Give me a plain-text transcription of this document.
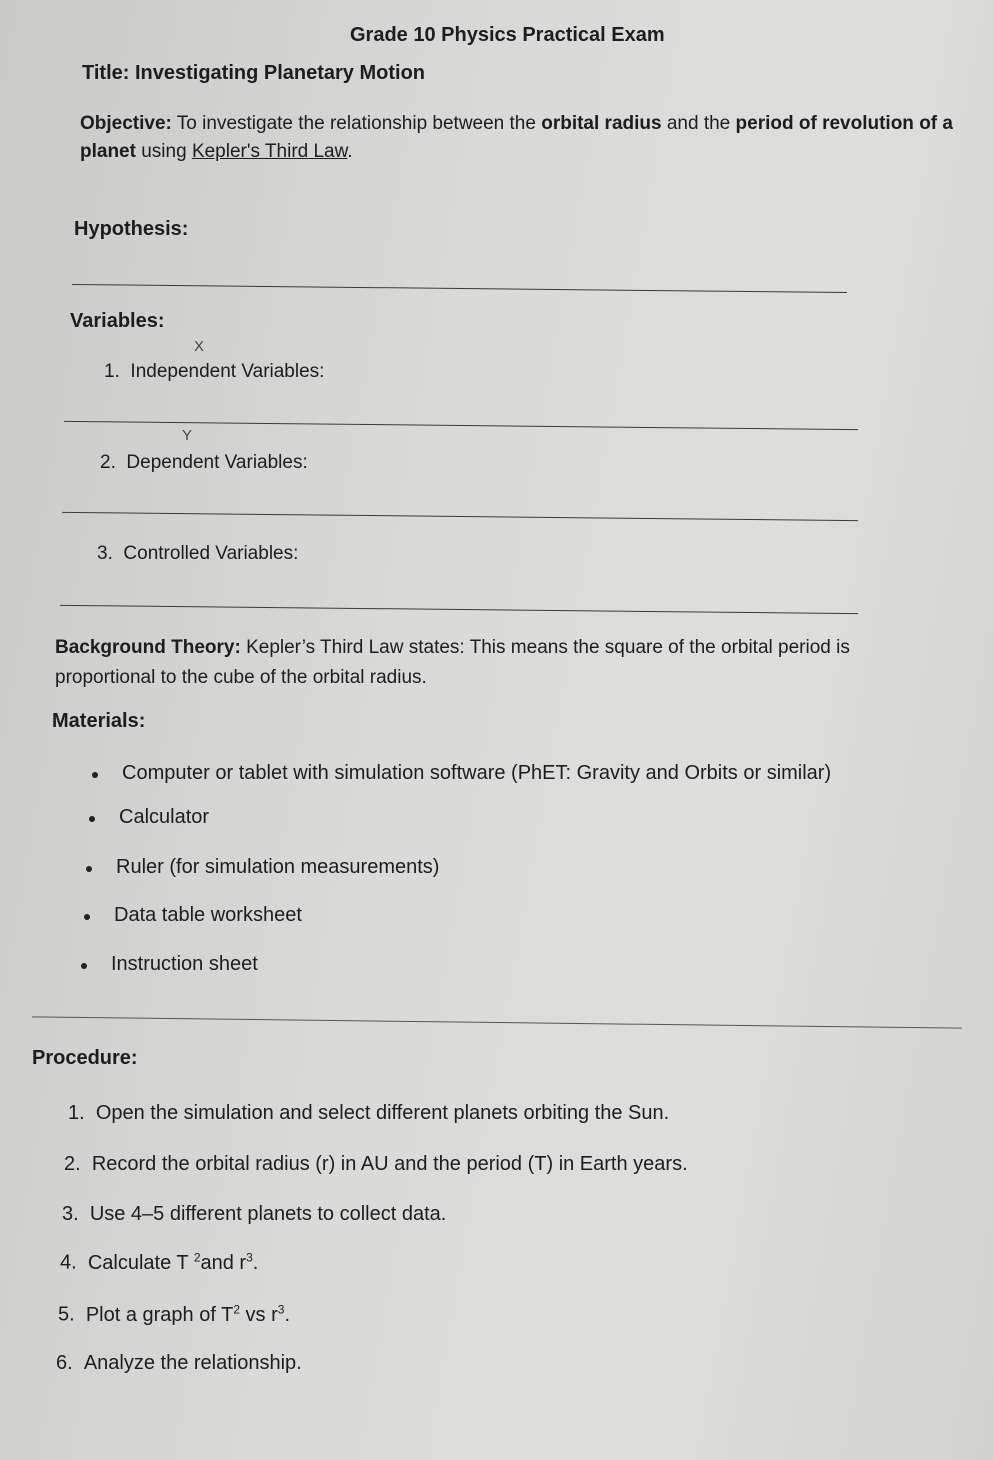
Grade 10 Physics Practical Exam
Title: Investigating Planetary Motion
Objective: To investigate the relationship between the orbital radius and the period of revolution of a planet using Kepler's Third Law.
Hypothesis:
Variables:
X
1. Independent Variables:
Y
2. Dependent Variables:
3. Controlled Variables:
Background Theory: Kepler’s Third Law states: This means the square of the orbital period is proportional to the cube of the orbital radius.
Materials:
Computer or tablet with simulation software (PhET: Gravity and Orbits or similar)
Calculator
Ruler (for simulation measurements)
Data table worksheet
Instruction sheet
Procedure:
1. Open the simulation and select different planets orbiting the Sun.
2. Record the orbital radius (r) in AU and the period (T) in Earth years.
3. Use 4–5 different planets to collect data.
4. Calculate T $^2$and $r^3$.
5. Plot a graph of $T^2$ vs $r^3$.
6. Analyze the relationship.
